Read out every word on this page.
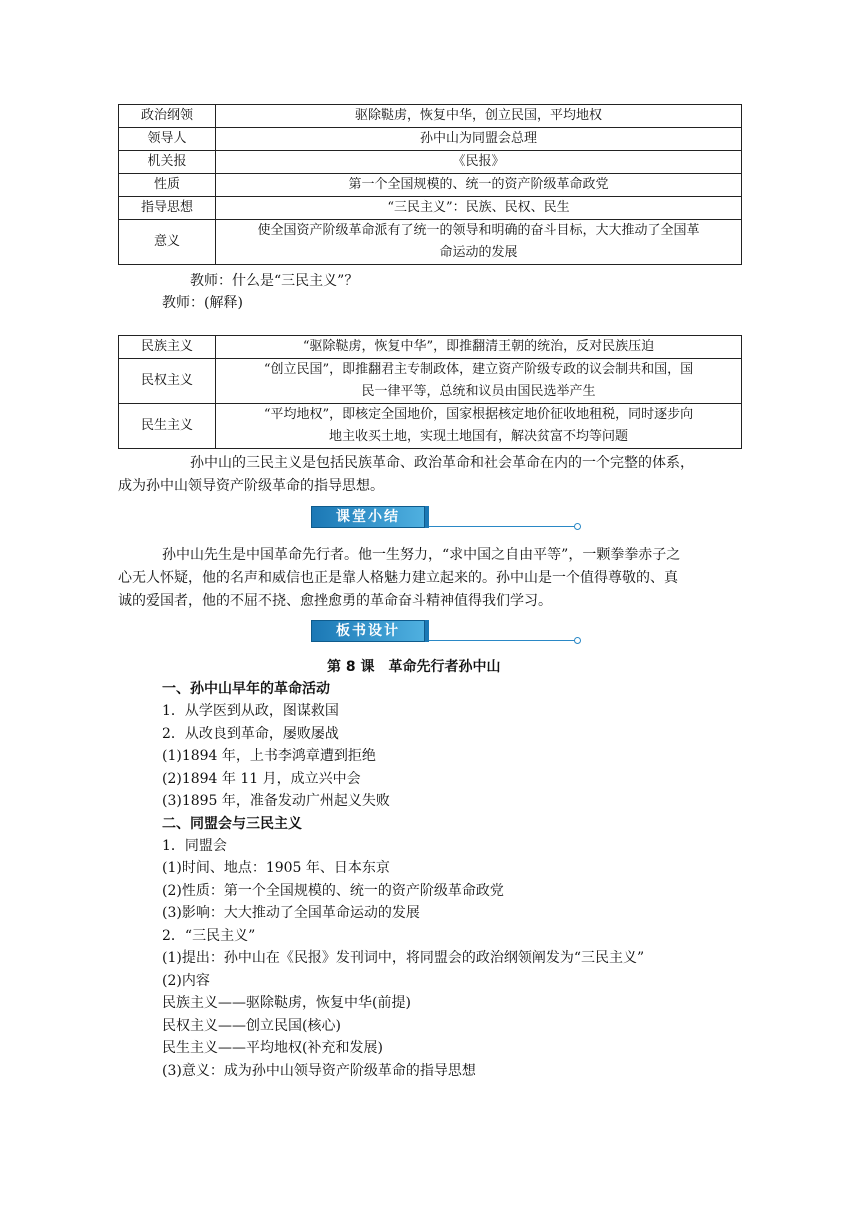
政治纲领	驱除鞑虏，恢复中华，创立民国，平均地权
领导人	孙中山为同盟会总理
机关报	《民报》
性质	第一个全国规模的、统一的资产阶级革命政党
指导思想	“三民主义”：民族、民权、民生
意义	使全国资产阶级革命派有了统一的领导和明确的奋斗目标，大大推动了全国革
命运动的发展
教师：什么是“三民主义”？
教师：(解释)
民族主义	“驱除鞑虏，恢复中华”，即推翻清王朝的统治，反对民族压迫

民权主义	“创立民国”，即推翻君主专制政体，建立资产阶级专政的议会制共和国，国
民一律平等，总统和议员由国民选举产生

民生主义	“平均地权”，即核定全国地价，国家根据核定地价征收地租税，同时逐步向
地主收买土地，实现土地国有，解决贫富不均等问题
孙中山的三民主义是包括民族革命、政治革命和社会革命在内的一个完整的体系，
成为孙中山领导资产阶级革命的指导思想。
课堂小结
孙中山先生是中国革命先行者。他一生努力，“求中国之自由平等”，一颗拳拳赤子之
心无人怀疑，他的名声和威信也正是靠人格魅力建立起来的。孙中山是一个值得尊敬的、真
诚的爱国者，他的不屈不挠、愈挫愈勇的革命奋斗精神值得我们学习。
板书设计
第 8 课　革命先行者孙中山
一、孙中山早年的革命活动
1．从学医到从政，图谋救国
2．从改良到革命，屡败屡战
(1)1894 年，上书李鸿章遭到拒绝
(2)1894 年 11 月，成立兴中会
(3)1895 年，准备发动广州起义失败
二、同盟会与三民主义
1．同盟会
(1)时间、地点：1905 年、日本东京
(2)性质：第一个全国规模的、统一的资产阶级革命政党
(3)影响：大大推动了全国革命运动的发展
2．“三民主义”
(1)提出：孙中山在《民报》发刊词中，将同盟会的政治纲领阐发为“三民主义”
(2)内容
民族主义——驱除鞑虏，恢复中华(前提)
民权主义——创立民国(核心)
民生主义——平均地权(补充和发展)
(3)意义：成为孙中山领导资产阶级革命的指导思想
